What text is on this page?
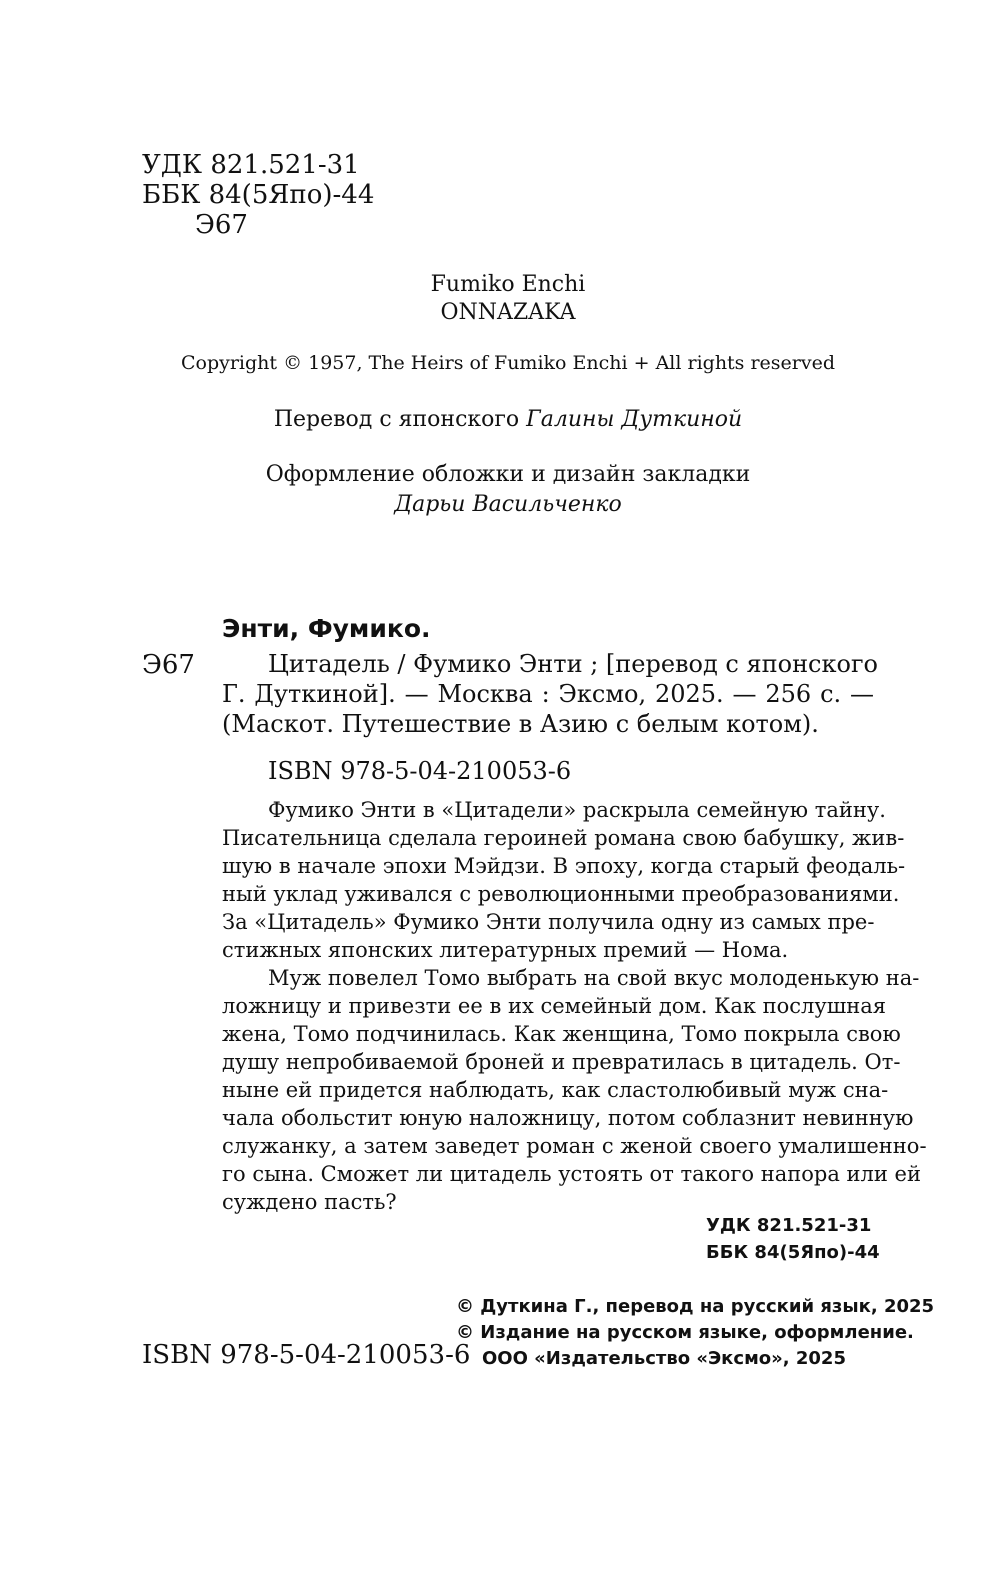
УДК 821.521-31
ББК 84(5Япо)-44
Э67
Fumiko Enchi
ONNAZAKA
Copyright © 1957, The Heirs of Fumiko Enchi + All rights reserved
Перевод с японского Галины Дуткиной
Оформление обложки и дизайн закладки
Дарьи Васильченко
Энти, Фумико.
Э67	Цитадель / Фумико Энти ; [перевод с японского
Г. Дуткиной]. — Москва : Эксмо, 2025. — 256 с. —
(Маскот. Путешествие в Азию с белым котом).
ISBN 978-5-04-210053-6
Фумико Энти в «Цитадели» раскрыла семейную тайну.
Писательница сделала героиней романа свою бабушку, жив-
шую в начале эпохи Мэйдзи. В эпоху, когда старый феодаль-
ный уклад уживался с революционными преобразованиями.
За «Цитадель» Фумико Энти получила одну из самых пре-
стижных японских литературных премий — Нома.
Муж повелел Томо выбрать на свой вкус молоденькую на-
ложницу и привезти ее в их семейный дом. Как послушная
жена, Томо подчинилась. Как женщина, Томо покрыла свою
душу непробиваемой броней и превратилась в цитадель. От-
ныне ей придется наблюдать, как сластолюбивый муж сна-
чала обольстит юную наложницу, потом соблазнит невинную
служанку, а затем заведет роман с женой своего умалишенно-
го сына. Сможет ли цитадель устоять от такого напора или ей
суждено пасть?
УДК 821.521-31
ББК 84(5Япо)-44
ISBN 978-5-04-210053-6
© Дуткина Г., перевод на русский язык, 2025
© Издание на русском языке, оформление.
ООО «Издательство «Эксмо», 2025
